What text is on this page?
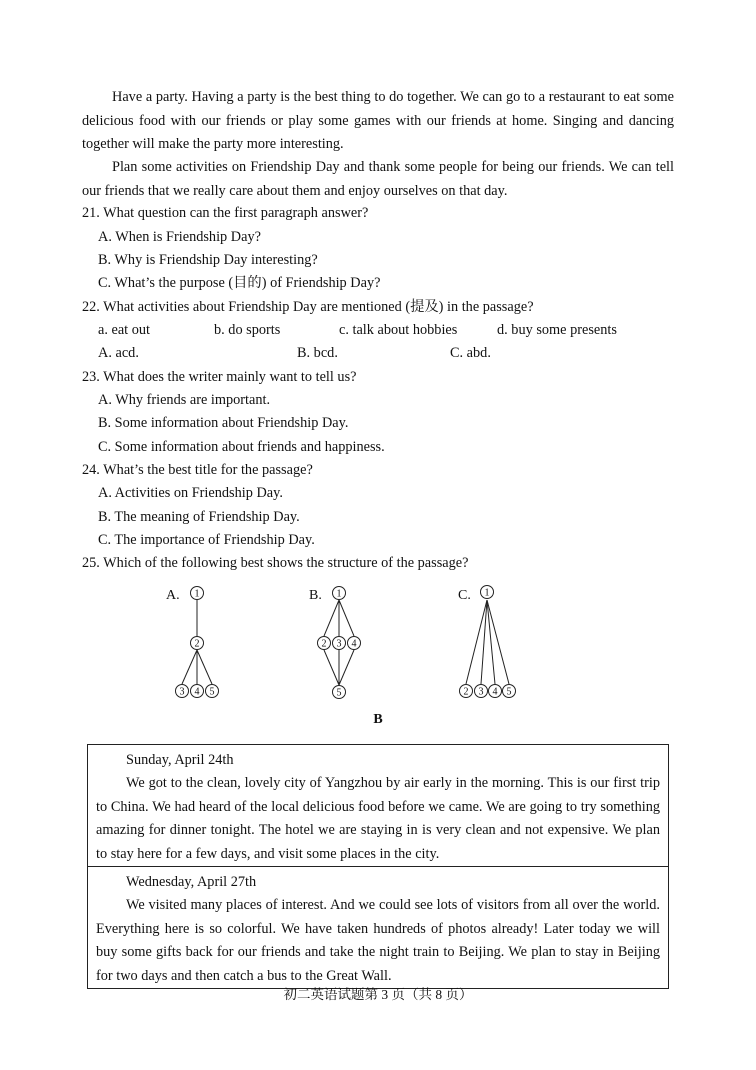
Have a party. Having a party is the best thing to do together. We can go to a restaurant to eat some delicious food with our friends or play some games with our friends at home. Singing and dancing together will make the party more interesting.

Plan some activities on Friendship Day and thank some people for being our friends. We can tell our friends that we really care about them and enjoy ourselves on that day.

21. What question can the first paragraph answer?
A. When is Friendship Day?
B. Why is Friendship Day interesting?
C. What’s the purpose (目的) of Friendship Day?
22. What activities about Friendship Day are mentioned (提及) in the passage?
a. eat out	b. do sports	c. talk about hobbies	d. buy some presents
A. acd.	B. bcd.	C. abd.
23. What does the writer mainly want to tell us?
A. Why friends are important.
B. Some information about Friendship Day.
C. Some information about friends and happiness.
24. What’s the best title for the passage?
A. Activities on Friendship Day.
B. The meaning of Friendship Day.
C. The importance of Friendship Day.
25. Which of the following best shows the structure of the passage?
A.	B.	C.
1
2
3 4 5
1
2 3 4
5
1
2 3 4 5
B
Sunday, April 24th

We got to the clean, lovely city of Yangzhou by air early in the morning. This is our first trip to China. We had heard of the local delicious food before we came. We are going to try something amazing for dinner tonight. The hotel we are staying in is very clean and not expensive. We plan to stay here for a few days, and visit some places in the city.

Wednesday, April 27th

We visited many places of interest. And we could see lots of visitors from all over the world. Everything here is so colorful. We have taken hundreds of photos already! Later today we will buy some gifts back for our friends and take the night train to Beijing. We plan to stay in Beijing for two days and then catch a bus to the Great Wall.

初二英语试题第 3 页（共 8 页）
